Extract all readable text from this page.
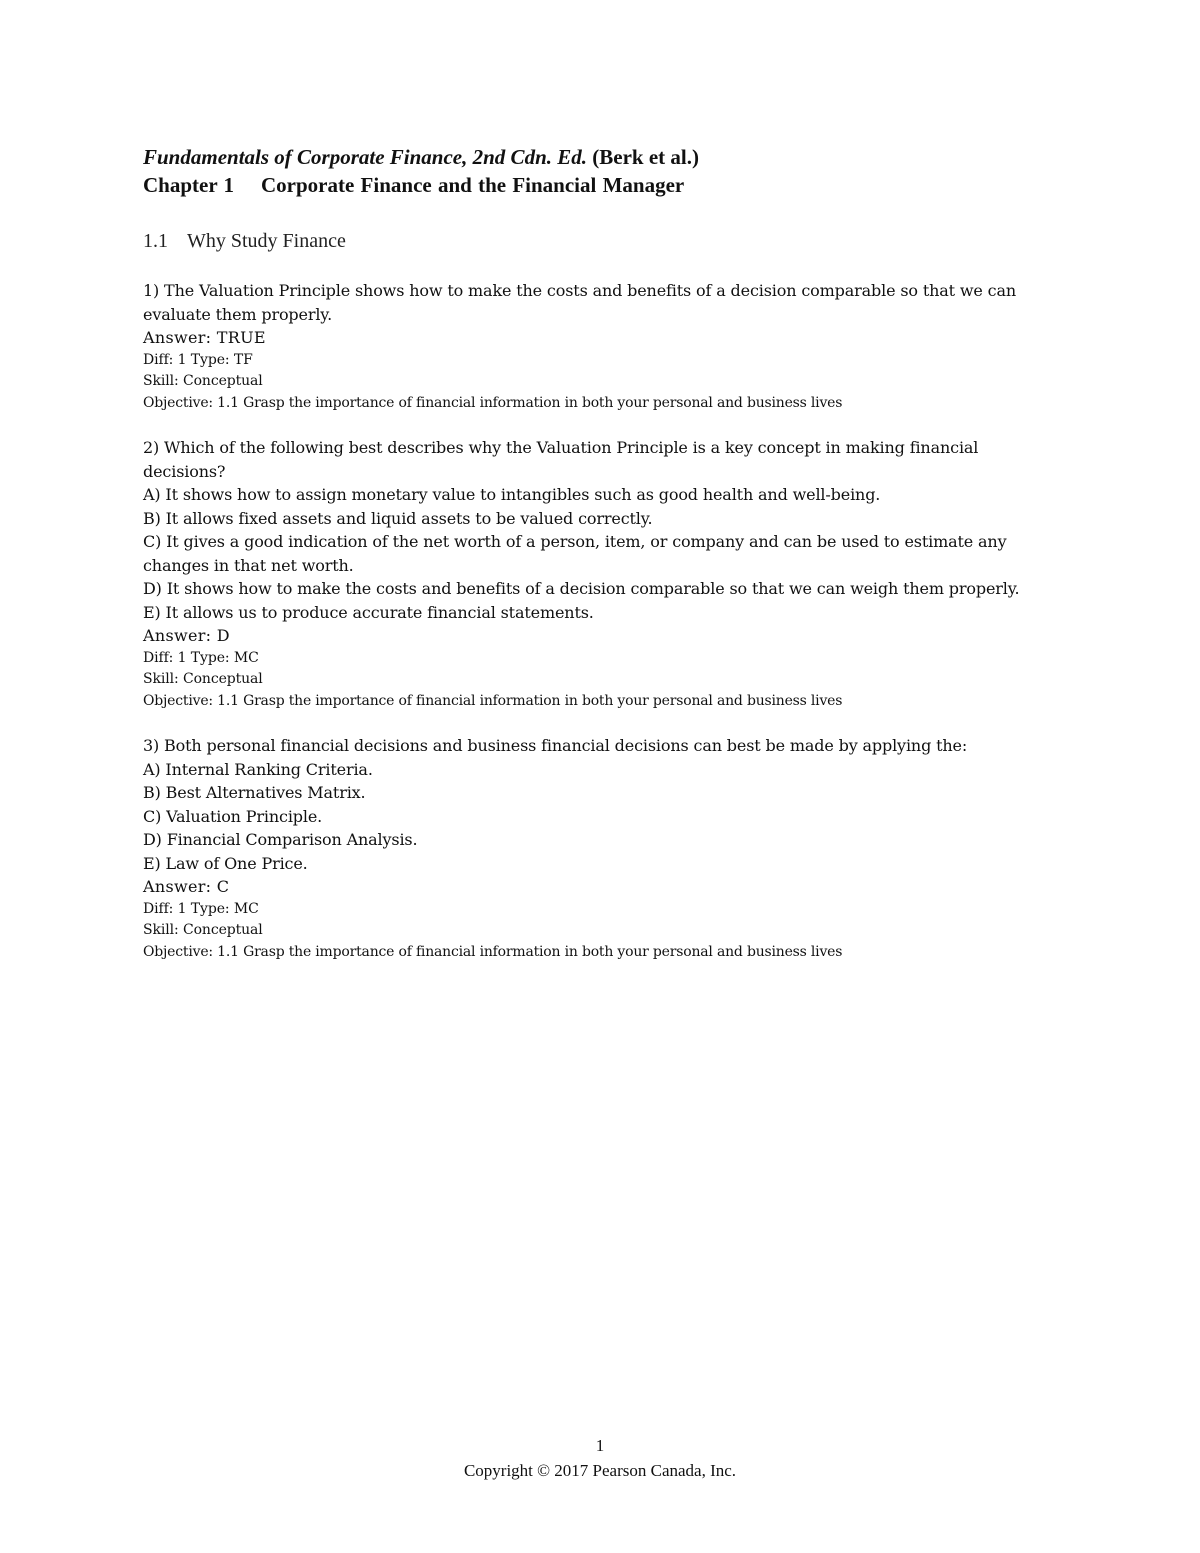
Fundamentals of Corporate Finance, 2nd Cdn. Ed. (Berk et al.)

Chapter 1 Corporate Finance and the Financial Manager

1.1 Why Study Finance

1) The Valuation Principle shows how to make the costs and benefits of a decision comparable so that we can evaluate them properly.

Answer: TRUE

Diff: 1 Type: TF

Skill: Conceptual

Objective: 1.1 Grasp the importance of financial information in both your personal and business lives

2) Which of the following best describes why the Valuation Principle is a key concept in making financial decisions?

A) It shows how to assign monetary value to intangibles such as good health and well-being.

B) It allows fixed assets and liquid assets to be valued correctly.

C) It gives a good indication of the net worth of a person, item, or company and can be used to estimate any changes in that net worth.

D) It shows how to make the costs and benefits of a decision comparable so that we can weigh them properly.

E) It allows us to produce accurate financial statements.

Answer: D

Diff: 1 Type: MC

Skill: Conceptual

Objective: 1.1 Grasp the importance of financial information in both your personal and business lives

3) Both personal financial decisions and business financial decisions can best be made by applying the:

A) Internal Ranking Criteria.

B) Best Alternatives Matrix.

C) Valuation Principle.

D) Financial Comparison Analysis.

E) Law of One Price.

Answer: C

Diff: 1 Type: MC

Skill: Conceptual

Objective: 1.1 Grasp the importance of financial information in both your personal and business lives

1
Copyright © 2017 Pearson Canada, Inc.
